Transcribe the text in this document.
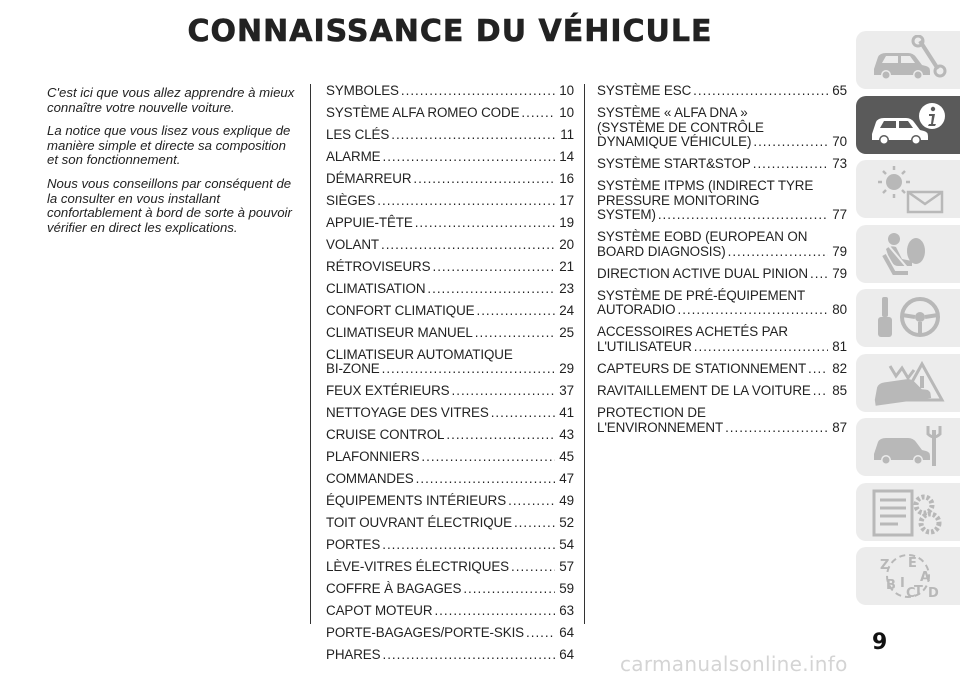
CONNAISSANCE DU VÉHICULE

C'est ici que vous allez apprendre à mieux connaître votre nouvelle voiture.

La notice que vous lisez vous explique de manière simple et directe sa composition et son fonctionnement.

Nous vous conseillons par conséquent de la consulter en vous installant confortablement à bord de sorte à pouvoir vérifier en direct les explications.

SYMBOLES .....	10
SYSTÈME ALFA ROMEO CODE .....	10
LES CLÉS .....	11
ALARME .....	14
DÉMARREUR .....	16
SIÈGES .....	17
APPUIE-TÊTE .....	19
VOLANT .....	20
RÉTROVISEURS .....	21
CLIMATISATION .....	23
CONFORT CLIMATIQUE .....	24
CLIMATISEUR MANUEL .....	25
CLIMATISEUR AUTOMATIQUE
BI-ZONE .....	29
FEUX EXTÉRIEURS .....	37
NETTOYAGE DES VITRES .....	41
CRUISE CONTROL .....	43
PLAFONNIERS .....	45
COMMANDES .....	47
ÉQUIPEMENTS INTÉRIEURS .....	49
TOIT OUVRANT ÉLECTRIQUE .....	52
PORTES .....	54
LÈVE-VITRES ÉLECTRIQUES .....	57
COFFRE À BAGAGES .....	59
CAPOT MOTEUR .....	63
PORTE-BAGAGES/PORTE-SKIS .....	64
PHARES .....	64
SYSTÈME ESC .....	65
SYSTÈME « ALFA DNA »
(SYSTÈME DE CONTRÔLE
DYNAMIQUE VÉHICULE) .....	70
SYSTÈME START&STOP .....	73
SYSTÈME ITPMS (INDIRECT TYRE
PRESSURE MONITORING
SYSTEM) .....	77
SYSTÈME EOBD (EUROPEAN ON
BOARD DIAGNOSIS) .....	79
DIRECTION ACTIVE DUAL PINION ..... 79
SYSTÈME DE PRÉ-ÉQUIPEMENT
AUTORADIO .....	80
ACCESSOIRES ACHETÉS PAR
L'UTILISATEUR .....	81
CAPTEURS DE STATIONNEMENT ..... 82
RAVITAILLEMENT DE LA VOITURE ..... 85
PROTECTION DE
L'ENVIRONNEMENT .....	87
Z E
A
B I
C
T D
9
carmanualsonline.info
